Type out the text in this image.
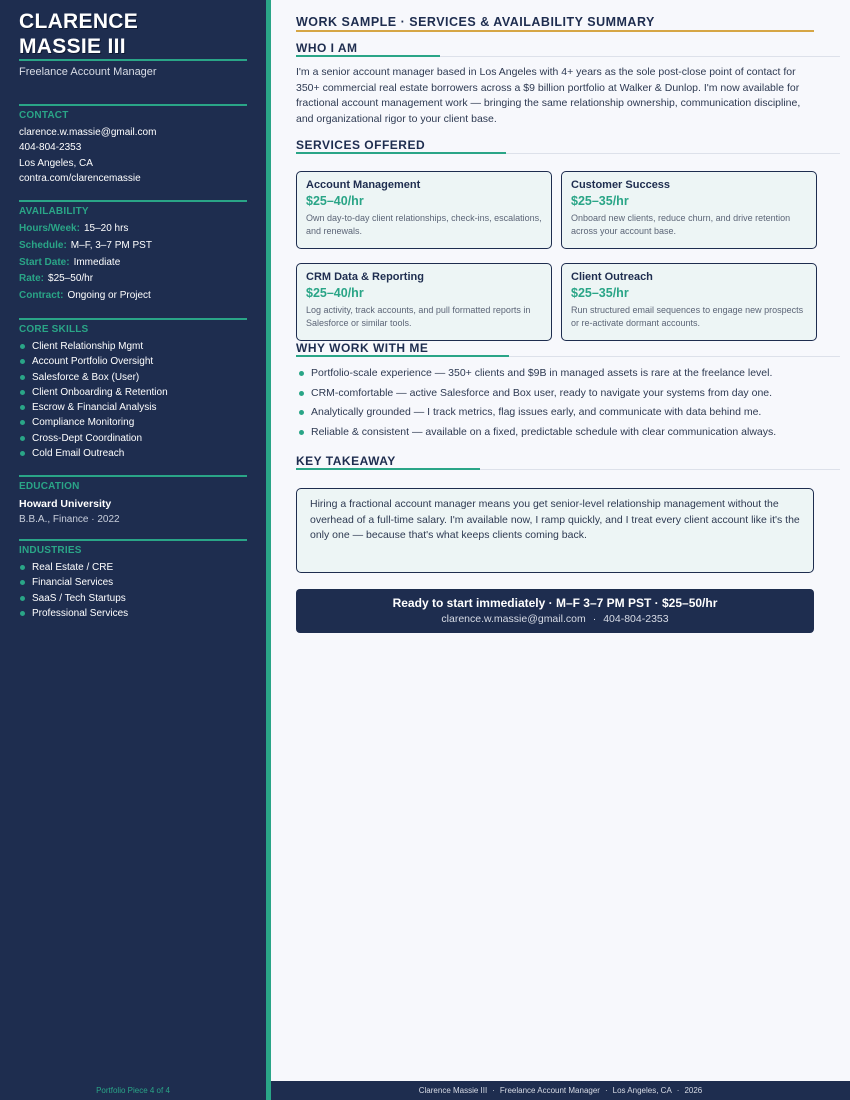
CLARENCE
MASSIE III
Freelance Account Manager
CONTACT
clarence.w.massie@gmail.com
404-804-2353
Los Angeles, CA
contra.com/clarencemassie
AVAILABILITY
Hours/Week: 15–20 hrs
Schedule: M–F, 3–7 PM PST
Start Date: Immediate
Rate: $25–50/hr
Contract: Ongoing or Project
CORE SKILLS
Client Relationship Mgmt
Account Portfolio Oversight
Salesforce & Box (User)
Client Onboarding & Retention
Escrow & Financial Analysis
Compliance Monitoring
Cross-Dept Coordination
Cold Email Outreach
EDUCATION
Howard University
B.B.A., Finance · 2022
INDUSTRIES
Real Estate / CRE
Financial Services
SaaS / Tech Startups
Professional Services
Portfolio Piece 4 of 4
WORK SAMPLE · SERVICES & AVAILABILITY SUMMARY
WHO I AM
I'm a senior account manager based in Los Angeles with 4+ years as the sole post-close point of contact for 350+ commercial real estate borrowers across a $9 billion portfolio at Walker & Dunlop. I'm now available for fractional account management work — bringing the same relationship ownership, communication discipline, and organizational rigor to your client base.
SERVICES OFFERED
Account Management
$25–40/hr
Own day-to-day client relationships, check-ins, escalations, and renewals.
Customer Success
$25–35/hr
Onboard new clients, reduce churn, and drive retention across your account base.
CRM Data & Reporting
$25–40/hr
Log activity, track accounts, and pull formatted reports in Salesforce or similar tools.
Client Outreach
$25–35/hr
Run structured email sequences to engage new prospects or re-activate dormant accounts.
WHY WORK WITH ME
Portfolio-scale experience — 350+ clients and $9B in managed assets is rare at the freelance level.
CRM-comfortable — active Salesforce and Box user, ready to navigate your systems from day one.
Analytically grounded — I track metrics, flag issues early, and communicate with data behind me.
Reliable & consistent — available on a fixed, predictable schedule with clear communication always.
KEY TAKEAWAY
Hiring a fractional account manager means you get senior-level relationship management without the overhead of a full-time salary. I'm available now, I ramp quickly, and I treat every client account like it's the only one — because that's what keeps clients coming back.
Ready to start immediately · M–F 3–7 PM PST · $25–50/hr
clarence.w.massie@gmail.com · 404-804-2353
Clarence Massie III · Freelance Account Manager · Los Angeles, CA · 2026
